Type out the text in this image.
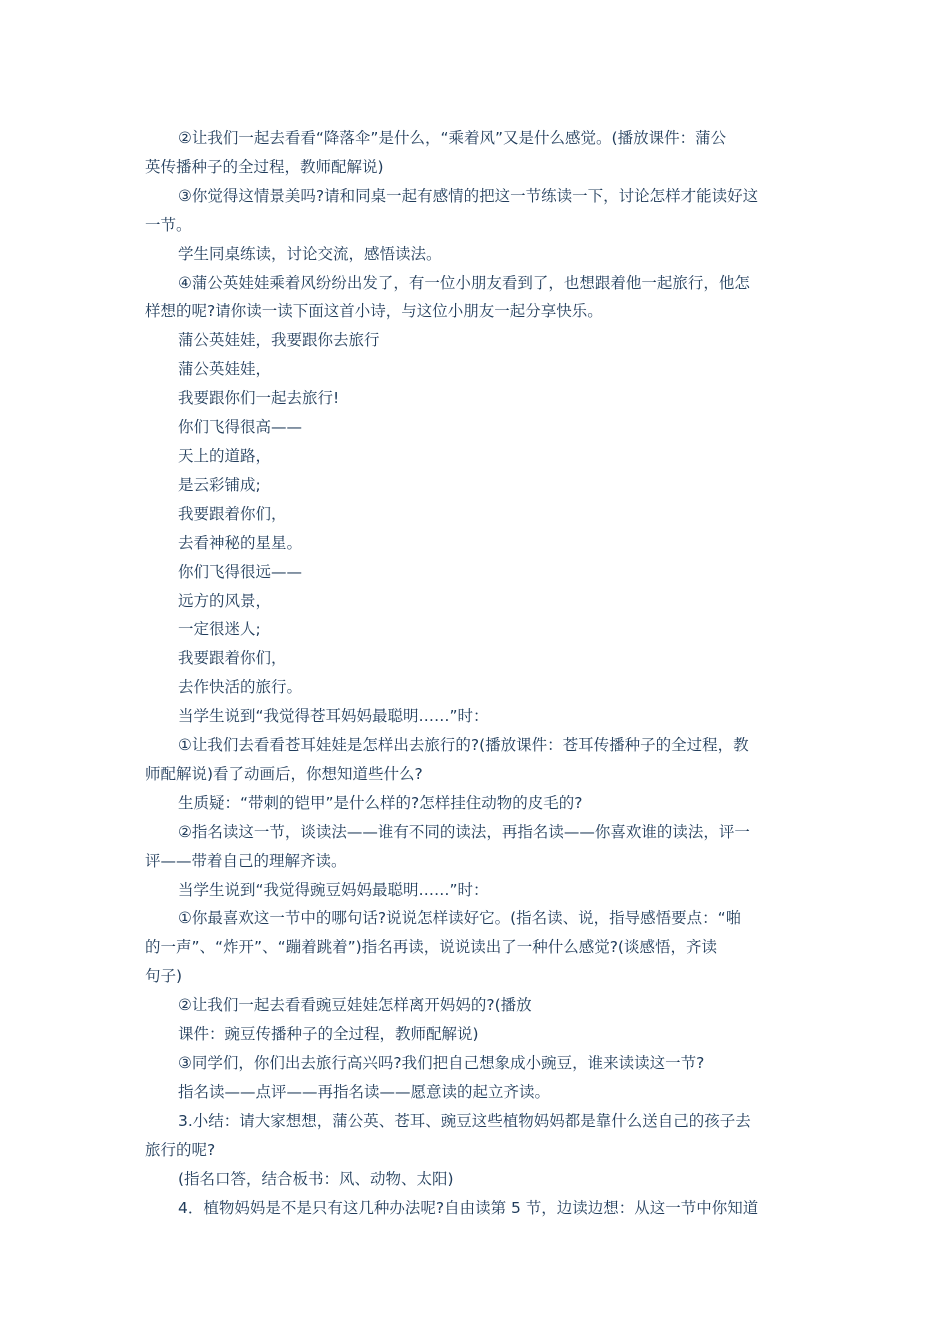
②让我们一起去看看“降落伞”是什么，“乘着风”又是什么感觉。(播放课件：蒲公
英传播种子的全过程，教师配解说)
③你觉得这情景美吗?请和同桌一起有感情的把这一节练读一下，讨论怎样才能读好这
一节。
学生同桌练读，讨论交流，感悟读法。
④蒲公英娃娃乘着风纷纷出发了，有一位小朋友看到了，也想跟着他一起旅行，他怎
样想的呢?请你读一读下面这首小诗，与这位小朋友一起分享快乐。
蒲公英娃娃，我要跟你去旅行
蒲公英娃娃，
我要跟你们一起去旅行!
你们飞得很高——
天上的道路，
是云彩铺成;
我要跟着你们，
去看神秘的星星。
你们飞得很远——
远方的风景，
一定很迷人;
我要跟着你们，
去作快活的旅行。
当学生说到“我觉得苍耳妈妈最聪明……”时：
①让我们去看看苍耳娃娃是怎样出去旅行的?(播放课件：苍耳传播种子的全过程，教
师配解说)看了动画后，你想知道些什么?
生质疑：“带刺的铠甲”是什么样的?怎样挂住动物的皮毛的?
②指名读这一节，谈读法——谁有不同的读法，再指名读——你喜欢谁的读法，评一
评——带着自己的理解齐读。
当学生说到“我觉得豌豆妈妈最聪明……”时：
①你最喜欢这一节中的哪句话?说说怎样读好它。(指名读、说，指导感悟要点：“啪
的一声”、“炸开”、“蹦着跳着”)指名再读，说说读出了一种什么感觉?(谈感悟，齐读
句子)
②让我们一起去看看豌豆娃娃怎样离开妈妈的?(播放
课件：豌豆传播种子的全过程，教师配解说)
③同学们，你们出去旅行高兴吗?我们把自己想象成小豌豆，谁来读读这一节?
指名读——点评——再指名读——愿意读的起立齐读。
3.小结：请大家想想，蒲公英、苍耳、豌豆这些植物妈妈都是靠什么送自己的孩子去
旅行的呢?
(指名口答，结合板书：风、动物、太阳)
4．植物妈妈是不是只有这几种办法呢?自由读第 5 节，边读边想：从这一节中你知道
